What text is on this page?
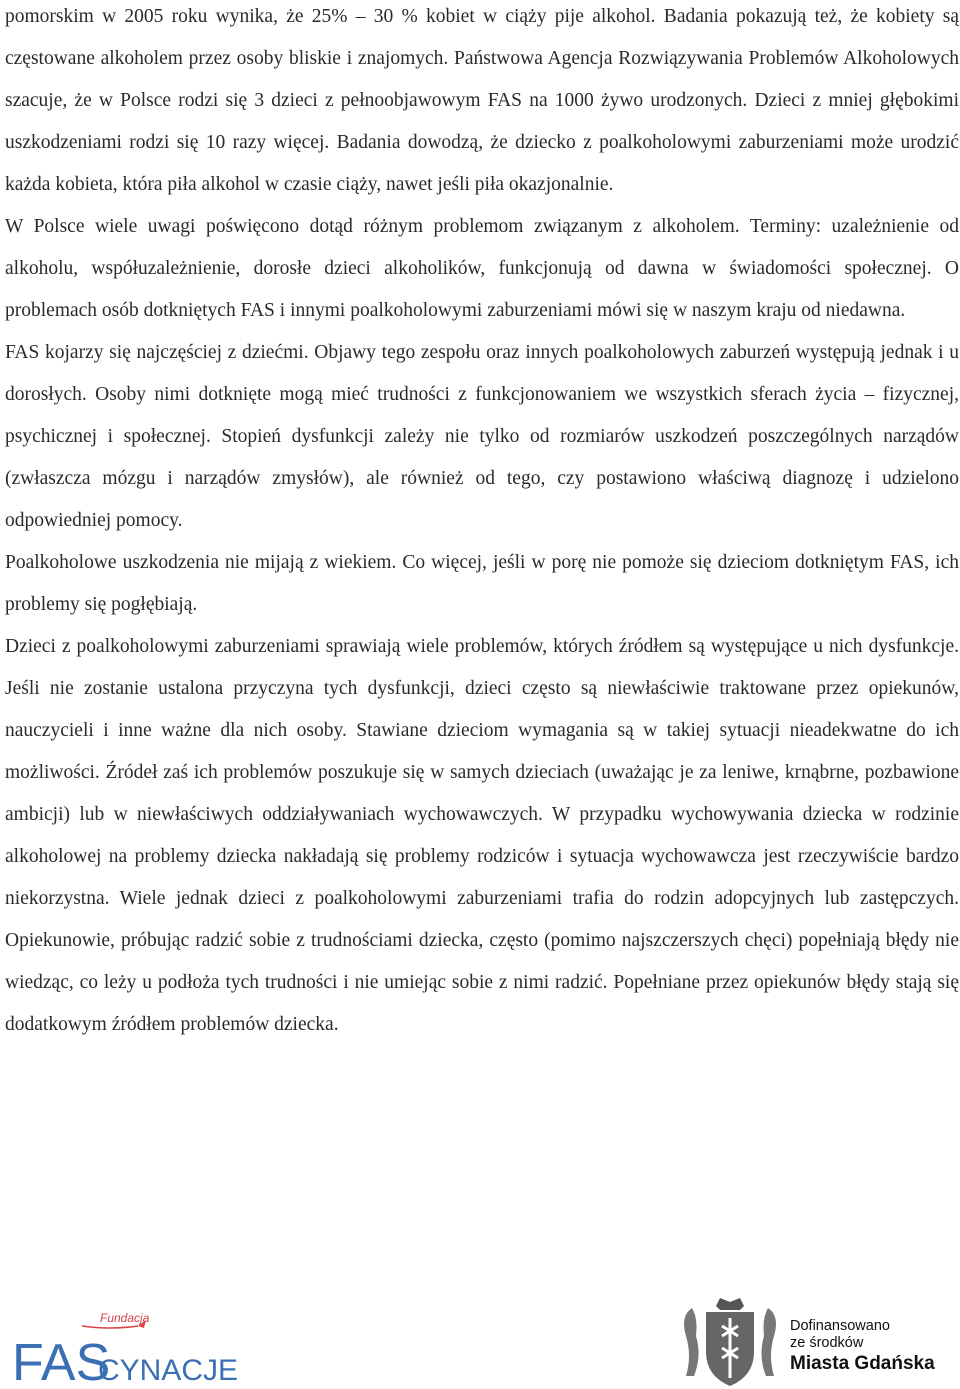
pomorskim w 2005 roku wynika, że 25% – 30 % kobiet w ciąży pije alkohol. Badania pokazują też, że kobiety są częstowane alkoholem przez osoby bliskie i znajomych. Państwowa Agencja Rozwiązywania Problemów Alkoholowych szacuje, że w Polsce rodzi się 3 dzieci z pełnoobjawowym FAS na 1000 żywo urodzonych. Dzieci z mniej głębokimi uszkodzeniami rodzi się 10 razy więcej. Badania dowodzą, że dziecko z poalkoholowymi zaburzeniami może urodzić każda kobieta, która piła alkohol w czasie ciąży, nawet jeśli piła okazjonalnie.

W Polsce wiele uwagi poświęcono dotąd różnym problemom związanym z alkoholem. Terminy: uzależnienie od alkoholu, współuzależnienie, dorosłe dzieci alkoholików, funkcjonują od dawna w świadomości społecznej. O problemach osób dotkniętych FAS i innymi poalkoholowymi zaburzeniami mówi się w naszym kraju od niedawna.

FAS kojarzy się najczęściej z dziećmi. Objawy tego zespołu oraz innych poalkoholowych zaburzeń występują jednak i u dorosłych. Osoby nimi dotknięte mogą mieć trudności z funkcjonowaniem we wszystkich sferach życia – fizycznej, psychicznej i społecznej. Stopień dysfunkcji zależy nie tylko od rozmiarów uszkodzeń poszczególnych narządów (zwłaszcza mózgu i narządów zmysłów), ale również od tego, czy postawiono właściwą diagnozę i udzielono odpowiedniej pomocy.

Poalkoholowe uszkodzenia nie mijają z wiekiem. Co więcej, jeśli w porę nie pomoże się dzieciom dotkniętym FAS, ich problemy się pogłębiają.

Dzieci z poalkoholowymi zaburzeniami sprawiają wiele problemów, których źródłem są występujące u nich dysfunkcje. Jeśli nie zostanie ustalona przyczyna tych dysfunkcji, dzieci często są niewłaściwie traktowane przez opiekunów, nauczycieli i inne ważne dla nich osoby. Stawiane dzieciom wymagania są w takiej sytuacji nieadekwatne do ich możliwości. Źródeł zaś ich problemów poszukuje się w samych dzieciach (uważając je za leniwe, krnąbrne, pozbawione ambicji) lub w niewłaściwych oddziaływaniach wychowawczych. W przypadku wychowywania dziecka w rodzinie alkoholowej na problemy dziecka nakładają się problemy rodziców i sytuacja wychowawcza jest rzeczywiście bardzo niekorzystna. Wiele jednak dzieci z poalkoholowymi zaburzeniami trafia do rodzin adopcyjnych lub zastępczych. Opiekunowie, próbując radzić sobie z trudnościami dziecka, często (pomimo najszczerszych chęci) popełniają błędy nie wiedząc, co leży u podłoża tych trudności i nie umiejąc sobie z nimi radzić. Popełniane przez opiekunów błędy stają się dodatkowym źródłem problemów dziecka.

Fundacja
FAS
CYNACJE
Dofinansowano
ze środków
Miasta Gdańska
